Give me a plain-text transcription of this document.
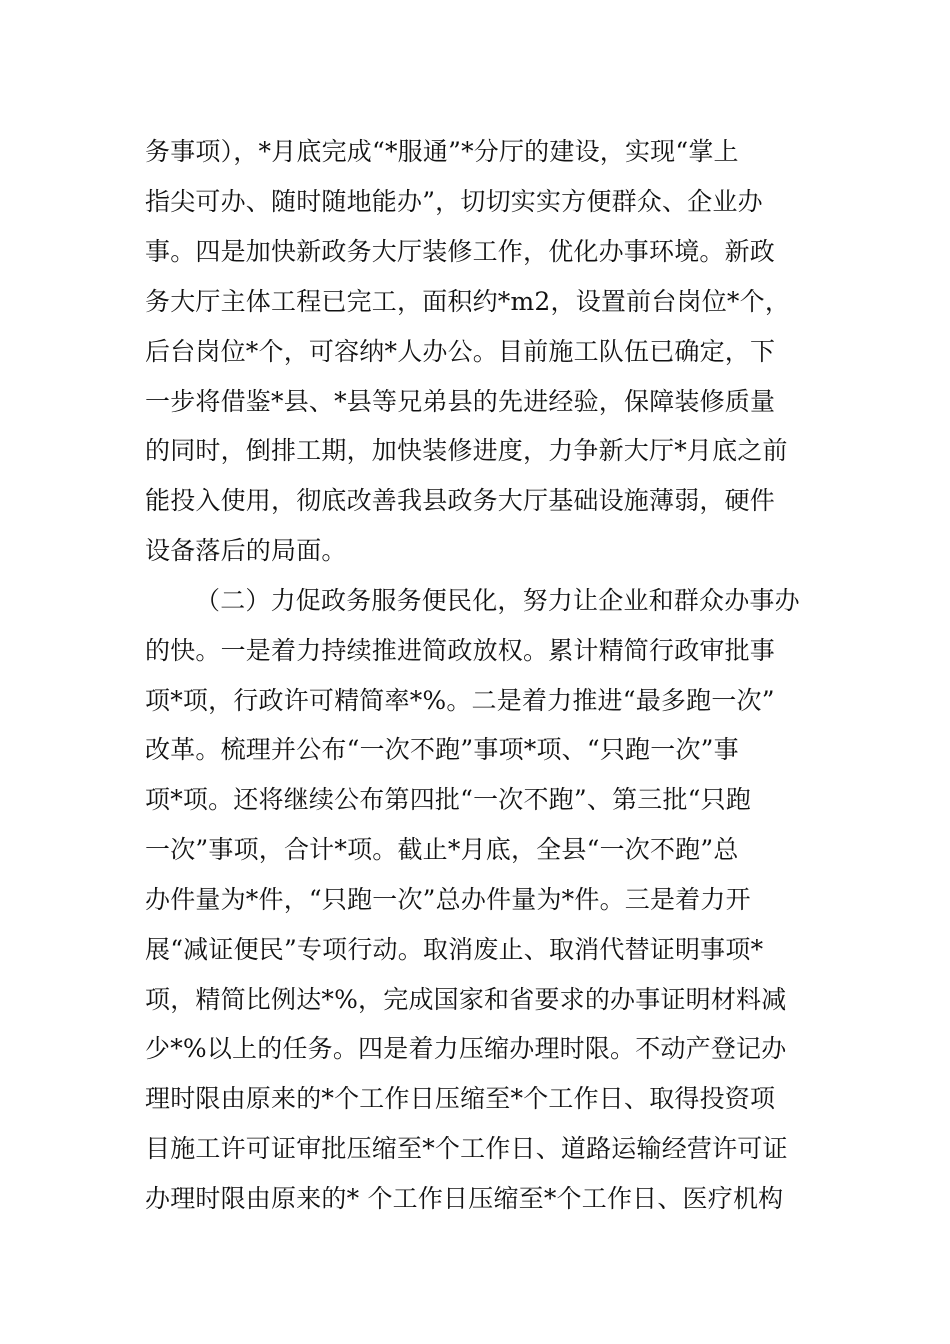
务事项），*月底完成“*服通”*分厅的建设，实现“掌上
指尖可办、随时随地能办”，切切实实方便群众、企业办
事。四是加快新政务大厅装修工作，优化办事环境。新政
务大厅主体工程已完工，面积约*m2，设置前台岗位*个，
后台岗位*个，可容纳*人办公。目前施工队伍已确定，下
一步将借鉴*县、*县等兄弟县的先进经验，保障装修质量
的同时，倒排工期，加快装修进度，力争新大厅*月底之前
能投入使用，彻底改善我县政务大厅基础设施薄弱，硬件
设备落后的局面。
（二）力促政务服务便民化，努力让企业和群众办事办
的快。一是着力持续推进简政放权。累计精简行政审批事
项*项，行政许可精简率*%。二是着力推进“最多跑一次”
改革。梳理并公布“一次不跑”事项*项、“只跑一次”事
项*项。还将继续公布第四批“一次不跑”、第三批“只跑
一次”事项，合计*项。截止*月底，全县“一次不跑”总
办件量为*件，“只跑一次”总办件量为*件。三是着力开
展“减证便民”专项行动。取消废止、取消代替证明事项*
项，精简比例达*%，完成国家和省要求的办事证明材料减
少*%以上的任务。四是着力压缩办理时限。不动产登记办
理时限由原来的*个工作日压缩至*个工作日、取得投资项
目施工许可证审批压缩至*个工作日、道路运输经营许可证
办理时限由原来的* 个工作日压缩至*个工作日、医疗机构
